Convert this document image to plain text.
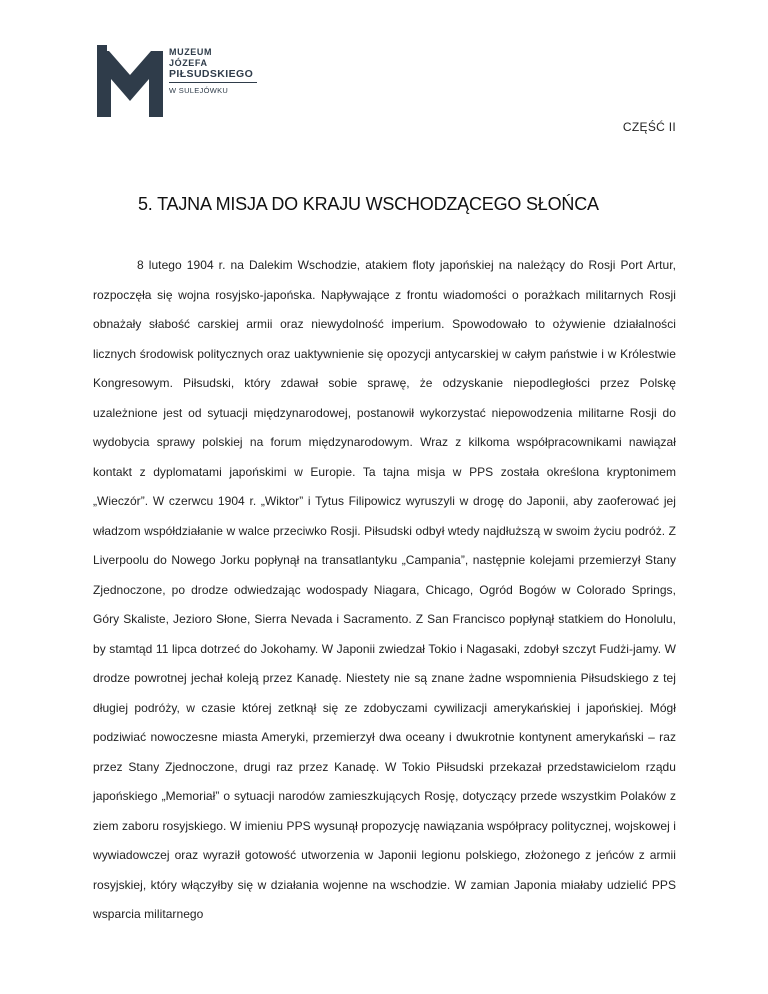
MUZEUM
JÓZEFA
PIŁSUDSKIEGO
W SULEJÓWKU
CZĘŚĆ II
5. TAJNA MISJA DO KRAJU WSCHODZĄCEGO SŁOŃCA

8 lutego 1904 r. na Dalekim Wschodzie, atakiem floty japońskiej na należący do Rosji Port Artur, rozpoczęła się wojna rosyjsko-japońska. Napływające z frontu wiadomości o porażkach militarnych Rosji obnażały słabość carskiej armii oraz niewydolność imperium. Spowodowało to ożywienie działalności licznych środowisk politycznych oraz uaktywnienie się opozycji antycarskiej w całym państwie i w Królestwie Kongresowym. Piłsudski, który zdawał sobie sprawę, że odzyskanie niepodległości przez Polskę uzależnione jest od sytuacji międzynarodowej, postanowił wykorzystać niepowodzenia militarne Rosji do wydobycia sprawy polskiej na forum międzynarodowym. Wraz z kilkoma współpracownikami nawiązał kontakt z dyplomatami japońskimi w Europie. Ta tajna misja w PPS została określona kryptonimem „Wieczór”. W czerwcu 1904 r. „Wiktor” i Tytus Filipowicz wyruszyli w drogę do Japonii, aby zaoferować jej władzom współdziałanie w walce przeciwko Rosji. Piłsudski odbył wtedy najdłuższą w swoim życiu podróż. Z Liverpoolu do Nowego Jorku popłynął na transatlantyku „Campania”, następnie kolejami przemierzył Stany Zjednoczone, po drodze odwiedzając wodospady Niagara, Chicago, Ogród Bogów w Colorado Springs, Góry Skaliste, Jezioro Słone, Sierra Nevada i Sacramento. Z San Francisco popłynął statkiem do Honolulu, by stamtąd 11 lipca dotrzeć do Jokohamy. W Japonii zwiedzał Tokio i Nagasaki, zdobył szczyt Fudżi-jamy. W drodze powrotnej jechał koleją przez Kanadę. Niestety nie są znane żadne wspomnienia Piłsudskiego z tej długiej podróży, w czasie której zetknął się ze zdobyczami cywilizacji amerykańskiej i japońskiej. Mógł podziwiać nowoczesne miasta Ameryki, przemierzył dwa oceany i dwukrotnie kontynent amerykański – raz przez Stany Zjednoczone, drugi raz przez Kanadę. W Tokio Piłsudski przekazał przedstawicielom rządu japońskiego „Memoriał” o sytuacji narodów zamieszkujących Rosję, dotyczący przede wszystkim Polaków z ziem zaboru rosyjskiego. W imieniu PPS wysunął propozycję nawiązania współpracy politycznej, wojskowej i wywiadowczej oraz wyraził gotowość utworzenia w Japonii legionu polskiego, złożonego z jeńców z armii rosyjskiej, który włączyłby się w działania wojenne na wschodzie. W zamian Japonia miałaby udzielić PPS wsparcia militarnego
